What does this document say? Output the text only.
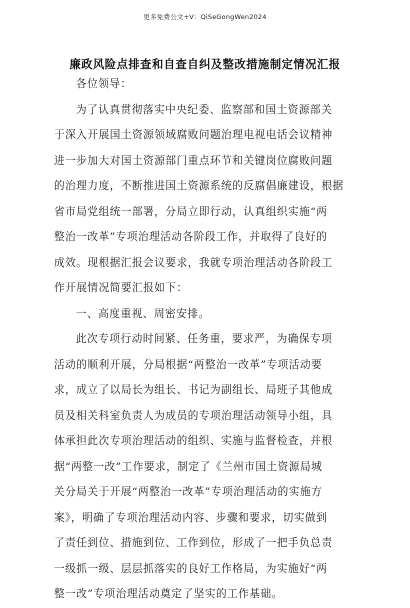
更多免费公文+V：QiSeGongWen2024
廉政风险点排查和自查自纠及整改措施制定情况汇报
各位领导：
为了认真贯彻落实中央纪委、监察部和国土资源部关
于深入开展国土资源领域腐败问题治理电视电话会议精神
进一步加大对国土资源部门重点环节和关键岗位腐败问题
的治理力度，不断推进国土资源系统的反腐倡廉建设，根据
省市局党组统一部署，分局立即行动，认真组织实施“两
整治一改革”专项治理活动各阶段工作，并取得了良好的
成效。现根据汇报会议要求，我就专项治理活动各阶段工
作开展情况简要汇报如下：
一、高度重视、周密安排。
此次专项行动时间紧、任务重，要求严，为确保专项
活动的顺利开展，分局根据“两整治一改革”专项活动要
求，成立了以局长为组长、书记为副组长、局班子其他成
员及相关科室负责人为成员的专项治理活动领导小组，具
体承担此次专项治理活动的组织、实施与监督检查，并根
据“两整一改”工作要求，制定了《兰州市国土资源局城
关分局关于开展“两整治一改革”专项治理活动的实施方
案》，明确了专项治理活动内容、步骤和要求，切实做到
了责任到位、措施到位、工作到位，形成了一把手负总责
一级抓一级、层层抓落实的良好工作格局，为实施好“两
整一改”专项治理活动奠定了坚实的工作基础。
